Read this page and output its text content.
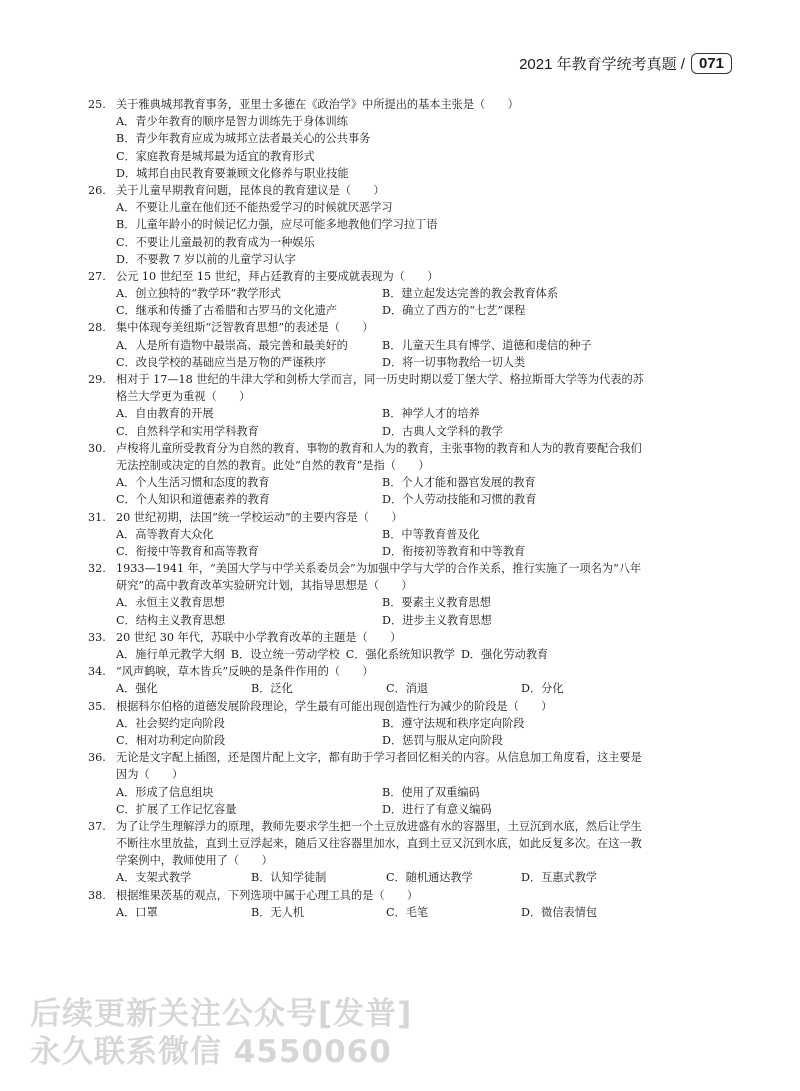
2021 年教育学统考真题 / 071
25. 关于雅典城邦教育事务，亚里士多德在《政治学》中所提出的基本主张是（　　）
A．青少年教育的顺序是智力训练先于身体训练
B．青少年教育应成为城邦立法者最关心的公共事务
C．家庭教育是城邦最为适宜的教育形式
D．城邦自由民教育要兼顾文化修养与职业技能
26. 关于儿童早期教育问题，昆体良的教育建议是（　　）
A．不要让儿童在他们还不能热爱学习的时候就厌恶学习
B．儿童年龄小的时候记忆力强，应尽可能多地教他们学习拉丁语
C．不要让儿童最初的教育成为一种娱乐
D．不要教 7 岁以前的儿童学习认字
27. 公元 10 世纪至 15 世纪，拜占廷教育的主要成就表现为（　　）
A．创立独特的“教学环”教学形式	B．建立起发达完善的教会教育体系
C．继承和传播了古希腊和古罗马的文化遗产	D．确立了西方的“七艺”课程
28. 集中体现夸美纽斯“泛智教育思想”的表述是（　　）
A．人是所有造物中最崇高、最完善和最美好的	B．儿童天生具有博学、道德和虔信的种子
C．改良学校的基础应当是万物的严谨秩序	D．将一切事物教给一切人类
29. 相对于 17—18 世纪的牛津大学和剑桥大学而言，同一历史时期以爱丁堡大学、格拉斯哥大学等为代表的苏
格兰大学更为重视（　　）
A．自由教育的开展	B．神学人才的培养
C．自然科学和实用学科教育	D．古典人文学科的教学
30. 卢梭将儿童所受教育分为自然的教育、事物的教育和人为的教育，主张事物的教育和人为的教育要配合我们
无法控制或决定的自然的教育。此处“自然的教育”是指（　　）
A．个人生活习惯和态度的教育	B．个人才能和器官发展的教育
C．个人知识和道德素养的教育	D．个人劳动技能和习惯的教育
31. 20 世纪初期，法国“统一学校运动”的主要内容是（　　）
A．高等教育大众化	B．中等教育普及化
C．衔接中等教育和高等教育	D．衔接初等教育和中等教育
32. 1933—1941 年，“美国大学与中学关系委员会”为加强中学与大学的合作关系，推行实施了一项名为“八年
研究”的高中教育改革实验研究计划，其指导思想是（　　）
A．永恒主义教育思想	B．要素主义教育思想
C．结构主义教育思想	D．进步主义教育思想
33. 20 世纪 30 年代，苏联中小学教育改革的主题是（　　）
A．施行单元教学大纲 B．设立统一劳动学校 C．强化系统知识教学 D．强化劳动教育
34. “风声鹤唳，草木皆兵”反映的是条件作用的（　　）
A．强化	B．泛化	C．消退	D．分化
35. 根据科尔伯格的道德发展阶段理论，学生最有可能出现创造性行为减少的阶段是（　　）
A．社会契约定向阶段	B．遵守法规和秩序定向阶段
C．相对功利定向阶段	D．惩罚与服从定向阶段
36. 无论是文字配上插图，还是图片配上文字，都有助于学习者回忆相关的内容。从信息加工角度看，这主要是
因为（　　）
A．形成了信息组块	B．使用了双重编码
C．扩展了工作记忆容量	D．进行了有意义编码
37. 为了让学生理解浮力的原理，教师先要求学生把一个土豆放进盛有水的容器里，土豆沉到水底，然后让学生
不断往水里放盐，直到土豆浮起来，随后又往容器里加水，直到土豆又沉到水底，如此反复多次。在这一教
学案例中，教师使用了（　　）
A．支架式教学	B．认知学徒制	C．随机通达教学	D．互惠式教学
38. 根据维果茨基的观点，下列选项中属于心理工具的是（　　）
A．口罩	B．无人机	C．毛笔	D．微信表情包
后续更新关注公众号[发普]
永久联系微信 4550060
